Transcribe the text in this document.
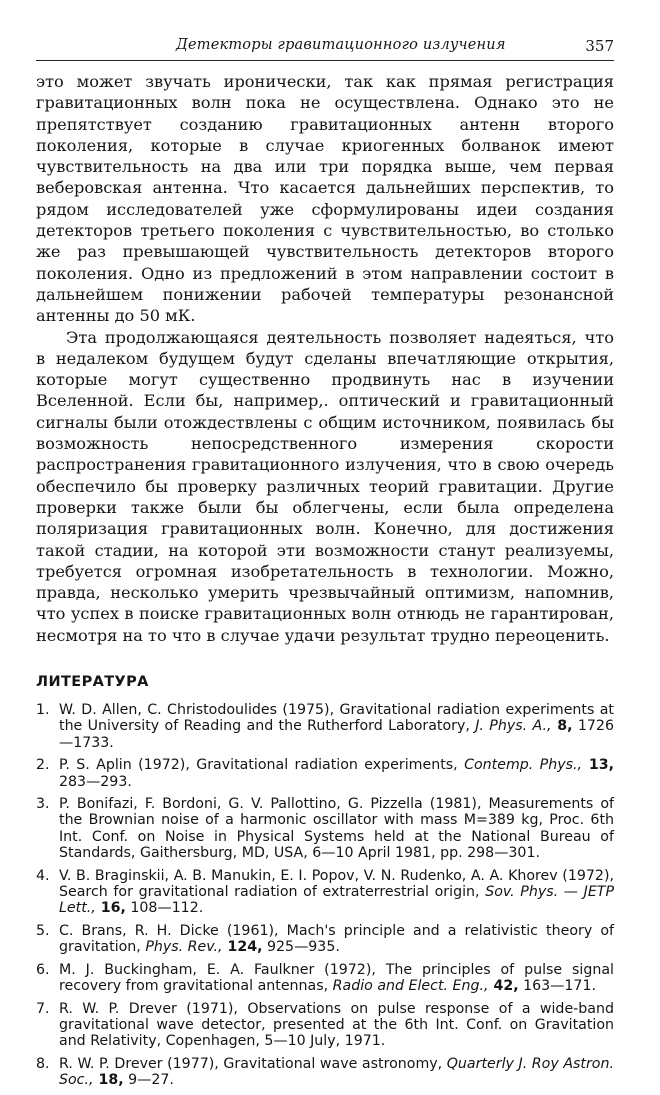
Детекторы гравитационного излучения	357

это может звучать иронически, так как прямая регистрация гравитационных волн пока не осуществлена. Однако это не препятствует созданию гравитационных антенн второго поколения, которые в случае криогенных болванок имеют чувствительность на два или три порядка выше, чем первая веберовская антенна. Что касается дальнейших перспектив, то рядом исследователей уже сформулированы идеи создания детекторов третьего поколения с чувствительностью, во столько же раз превышающей чувствительность детекторов второго поколения. Одно из предложений в этом направлении состоит в дальнейшем понижении рабочей температуры резонансной антенны до 50 мК.

Эта продолжающаяся деятельность позволяет надеяться, что в недалеком будущем будут сделаны впечатляющие открытия, которые могут существенно продвинуть нас в изучении Вселенной. Если бы, например,. оптический и гравитационный сигналы были отождествлены с общим источником, появилась бы возможность непосредственного измерения скорости распространения гравитационного излучения, что в свою очередь обеспечило бы проверку различных теорий гравитации. Другие проверки также были бы облегчены, если была определена поляризация гравитационных волн. Конечно, для достижения такой стадии, на которой эти возможности станут реализуемы, требуется огромная изобретательность в технологии. Можно, правда, несколько умерить чрезвычайный оптимизм, напомнив, что успех в поиске гравитационных волн отнюдь не гарантирован, несмотря на то что в случае удачи результат трудно переоценить.

ЛИТЕРАТУРА
1. W. D. Allen, C. Christodoulides (1975), Gravitational radiation experiments at the University of Reading and the Rutherford Laboratory, J. Phys. A., 8, 1726—1733.
2. P. S. Aplin (1972), Gravitational radiation experiments, Contemp. Phys., 13, 283—293.
3. P. Bonifazi, F. Bordoni, G. V. Pallottino, G. Pizzella (1981), Measurements of the Brownian noise of a harmonic oscillator with mass M=389 kg, Proc. 6th Int. Conf. on Noise in Physical Systems held at the National Bureau of Standards, Gaithersburg, MD, USA, 6—10 April 1981, pp. 298—301.
4. V. B. Braginskii, A. B. Manukin, E. I. Popov, V. N. Rudenko, A. A. Khorev (1972), Search for gravitational radiation of extraterrestrial origin, Sov. Phys. — JETP Lett., 16, 108—112.
5. C. Brans, R. H. Dicke (1961), Mach's principle and a relativistic theory of gravitation, Phys. Rev., 124, 925—935.
6. M. J. Buckingham, E. A. Faulkner (1972), The principles of pulse signal recovery from gravitational antennas, Radio and Elect. Eng., 42, 163—171.
7. R. W. P. Drever (1971), Observations on pulse response of a wide-band gravitational wave detector, presented at the 6th Int. Conf. on Gravitation and Relativity, Copenhagen, 5—10 July, 1971.
8. R. W. P. Drever (1977), Gravitational wave astronomy, Quarterly J. Roy Astron. Soc., 18, 9—27.
